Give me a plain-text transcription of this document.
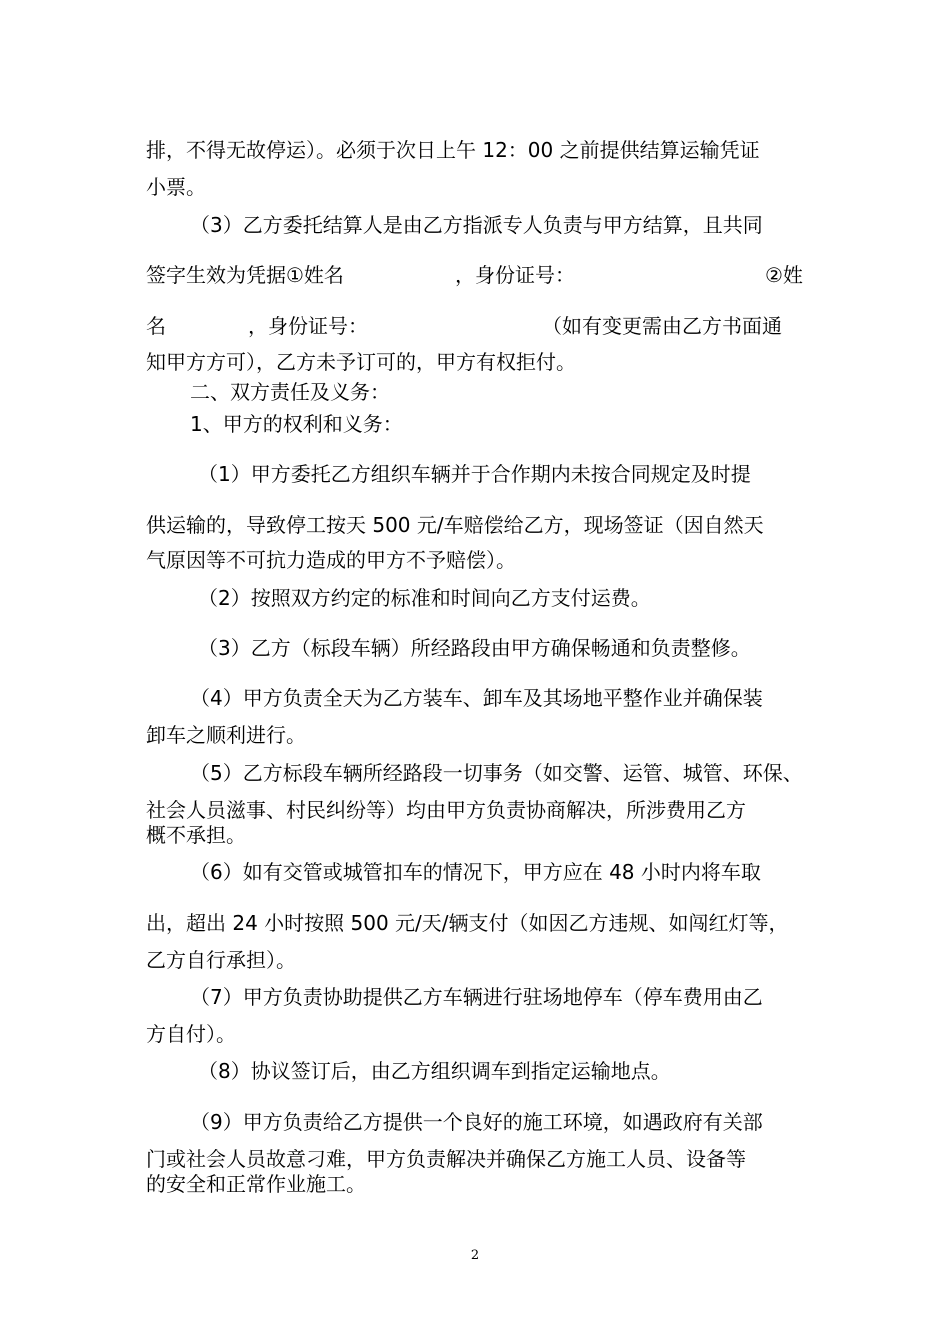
排，不得无故停运）。必须于次日上午 12：00 之前提供结算运输凭证
小票。
（3）乙方委托结算人是由乙方指派专人负责与甲方结算，且共同
签字生效为凭据①姓名	，身份证号：	②姓
名	，身份证号：	（如有变更需由乙方书面通
知甲方方可），乙方未予订可的，甲方有权拒付。
二、双方责任及义务：
1、甲方的权利和义务：
（1）甲方委托乙方组织车辆并于合作期内未按合同规定及时提
供运输的，导致停工按天 500 元/车赔偿给乙方，现场签证（因自然天
气原因等不可抗力造成的甲方不予赔偿）。
（2）按照双方约定的标准和时间向乙方支付运费。
（3）乙方（标段车辆）所经路段由甲方确保畅通和负责整修。
（4）甲方负责全天为乙方装车、卸车及其场地平整作业并确保装
卸车之顺利进行。
（5）乙方标段车辆所经路段一切事务（如交警、运管、城管、环保、
社会人员滋事、村民纠纷等）均由甲方负责协商解决，所涉费用乙方
概不承担。
（6）如有交管或城管扣车的情况下，甲方应在 48 小时内将车取
出，超出 24 小时按照 500 元/天/辆支付（如因乙方违规、如闯红灯等，
乙方自行承担）。
（7）甲方负责协助提供乙方车辆进行驻场地停车（停车费用由乙
方自付）。
（8）协议签订后，由乙方组织调车到指定运输地点。
（9）甲方负责给乙方提供一个良好的施工环境，如遇政府有关部
门或社会人员故意刁难，甲方负责解决并确保乙方施工人员、设备等
的安全和正常作业施工。
2
